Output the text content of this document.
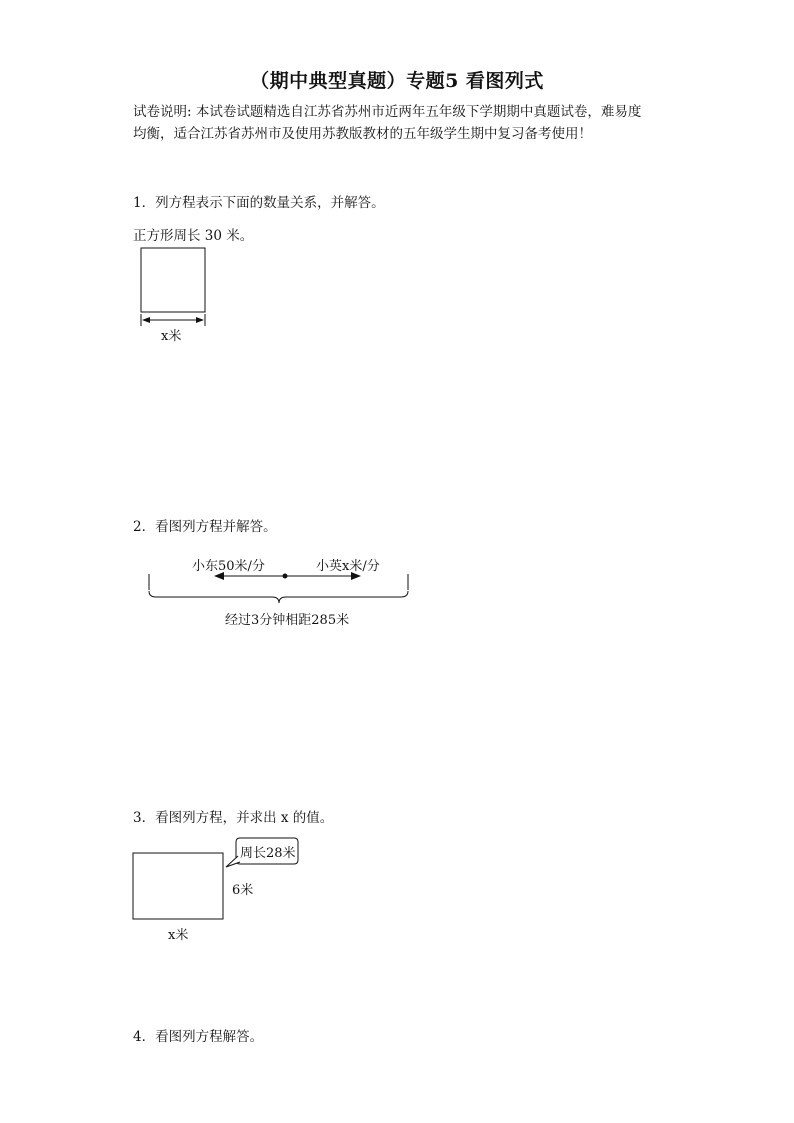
（期中典型真题）专题5 看图列式
试卷说明: 本试卷试题精选自江苏省苏州市近两年五年级下学期期中真题试卷，难易度
均衡，适合江苏省苏州市及使用苏教版教材的五年级学生期中复习备考使用！
1．列方程表示下面的数量关系，并解答。
正方形周长 30 米。
x米
2．看图列方程并解答。
小东50米/分	小英x米/分
经过3分钟相距285米
3．看图列方程，并求出 x 的值。
周长28米
6米
x米
4．看图列方程解答。
